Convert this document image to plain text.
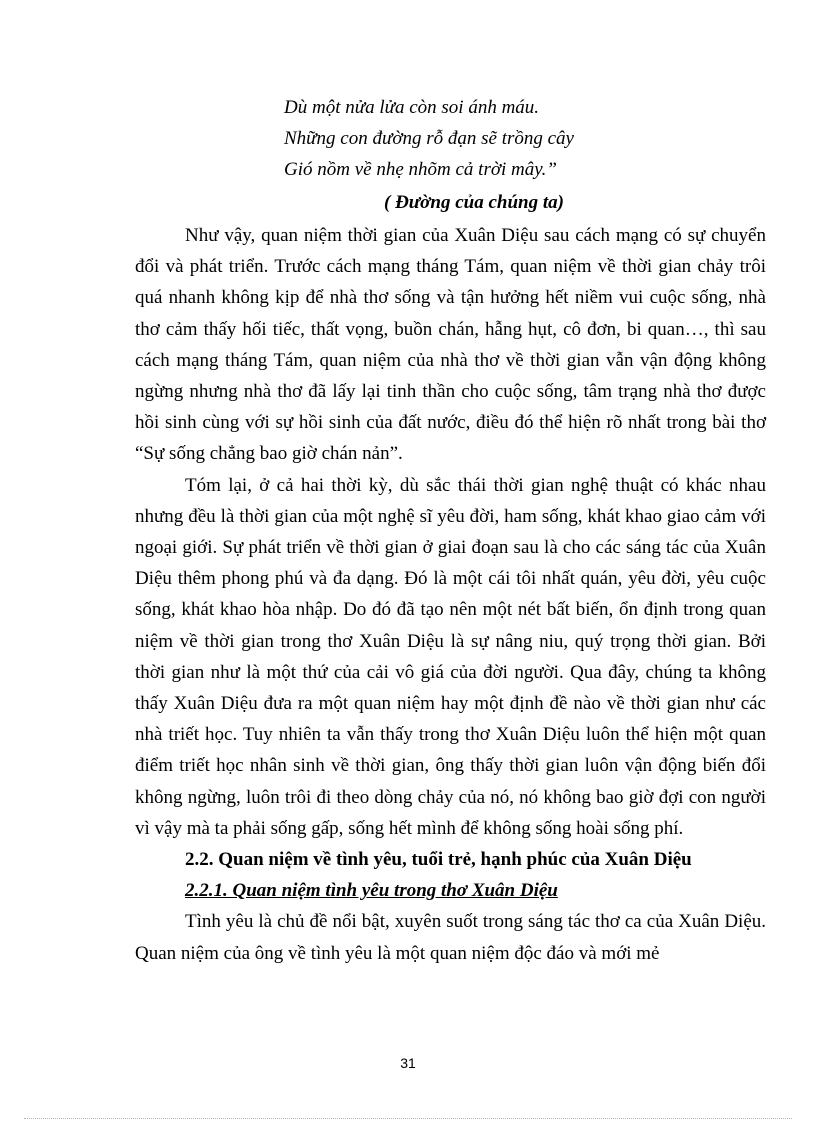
Dù một nửa lửa còn soi ánh máu.
Những con đường rỗ đạn sẽ trồng cây
Gió nồm về nhẹ nhõm cả trời mây.”
( Đường của chúng ta)

Như vậy, quan niệm thời gian của Xuân Diệu sau cách mạng có sự chuyển đổi và phát triển. Trước cách mạng tháng Tám, quan niệm về thời gian chảy trôi quá nhanh không kịp để nhà thơ sống và tận hưởng hết niềm vui cuộc sống, nhà thơ cảm thấy hối tiếc, thất vọng, buồn chán, hẫng hụt, cô đơn, bi quan…, thì sau cách mạng tháng Tám, quan niệm của nhà thơ về thời gian vẫn vận động không ngừng nhưng nhà thơ đã lấy lại tinh thần cho cuộc sống, tâm trạng nhà thơ được hồi sinh cùng với sự hồi sinh của đất nước, điều đó thể hiện rõ nhất trong bài thơ “Sự sống chẳng bao giờ chán nản”.

Tóm lại, ở cả hai thời kỳ, dù sắc thái thời gian nghệ thuật có khác nhau nhưng đều là thời gian của một nghệ sĩ yêu đời, ham sống, khát khao giao cảm với ngoại giới. Sự phát triển về thời gian ở giai đoạn sau là cho các sáng tác của Xuân Diệu thêm phong phú và đa dạng. Đó là một cái tôi nhất quán, yêu đời, yêu cuộc sống, khát khao hòa nhập. Do đó đã tạo nên một nét bất biến, ổn định trong quan niệm về thời gian trong thơ Xuân Diệu là sự nâng niu, quý trọng thời gian. Bởi thời gian như là một thứ của cải vô giá của đời người. Qua đây, chúng ta không thấy Xuân Diệu đưa ra một quan niệm hay một định đề nào về thời gian như các nhà triết học. Tuy nhiên ta vẫn thấy trong thơ Xuân Diệu luôn thể hiện một quan điểm triết học nhân sinh về thời gian, ông thấy thời gian luôn vận động biến đổi không ngừng, luôn trôi đi theo dòng chảy của nó, nó không bao giờ đợi con người vì vậy mà ta phải sống gấp, sống hết mình để không sống hoài sống phí.

2.2. Quan niệm về tình yêu, tuổi trẻ, hạnh phúc của Xuân Diệu

2.2.1. Quan niệm tình yêu trong thơ Xuân Diệu

Tình yêu là chủ đề nổi bật, xuyên suốt trong sáng tác thơ ca của Xuân Diệu. Quan niệm của ông về tình yêu là một quan niệm độc đáo và mới mẻ

31
